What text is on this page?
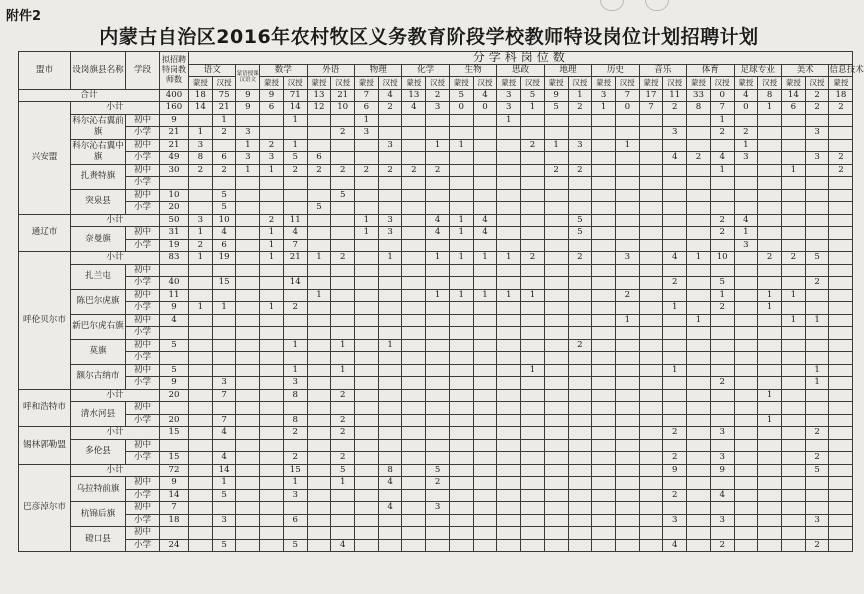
附件2
内蒙古自治区2016年农村牧区义务教育阶段学校教师特设岗位计划招聘计划
盟市	设岗旗县名称	学段	拟招聘特岗教师数	分学科岗位数																												
				语文		蒙语授课汉语文	数学		外语		物理		化学		生物		思政		地理		历史		音乐		体育		足球专业		美术		信息技术	
				蒙授	汉授		蒙授	汉授	蒙授	汉授	蒙授	汉授	蒙授	汉授	蒙授	汉授	蒙授	汉授	蒙授	汉授	蒙授	汉授	蒙授	汉授	蒙授	汉授	蒙授	汉授	蒙授	汉授	蒙授	
合计			400	18	75	9	9	71	13	21	7	4	13	2	5	4	3	5	9	1	3	7	17	11	33	0	4	8	14	2	18	
兴安盟	小计		160	14	21	9	6	14	12	10	6	2	4	3	0	0	3	1	5	2	1	0	7	2	8	7	0	1	6	2	2	
	科尔沁右翼前旗	初中	9		1			1			1						1									1						
		小学	21	1	2	3				2	3													3		2	2			3		
	科尔沁右翼中旗	初中	21	3		1	2	1				3		1	1			2	1	3		1					1					
		小学	49	8	6	3	3	5	6															4	2	4	3			3	2		
	扎赉特旗	初中	30	2	2	1	1	2	2	2	2	2	2	2					2	2						1			1		2	
		小学																														
	突泉县	初中	10		5					5																						
		小学	20		5				5																							
通辽市	小计		50	3	10		2	11			1	3		4	1	4				5						2	4					
	奈曼旗	初中	31	1	4		1	4			1	3		4	1	4				5						2	1					
		小学	19	2	6		1	7																			3					
呼伦贝尔市	小计		83	1	19		1	21	1	2		1		1	1	1	1	2		2		3		4	1	10		2	2	5		
	扎兰屯	初中																														
		小学	40		15			14																2		5				2		
	陈巴尔虎旗	初中	11						1					1	1	1	1	1				2				1		1	1			
		小学	9	1	1		1	2																1		2		1				
	新巴尔虎右旗	初中	4																			1			1				1	1		
		小学																														
	莫旗	初中	5					1		1		1								2												
		小学																														
	额尔古纳市	初中	5					1		1								1						1						1		
		小学	9		3			3																		2				1		
呼和浩特市	小计		20		7			8		2																		1				
	清水河县	初中																														
		小学	20		7			8		2																		1				
锡林郭勒盟	小计		15		4			2		2														2		3				2		
	多伦县	初中																														
		小学	15		4			2		2														2		3				2		
巴彦淖尔市	小计		72		14			15		5		8		5										9		9				5		
	乌拉特前旗	初中	9		1			1		1		4		2																		
		小学	14		5			3																2		4						
	杭锦后旗	初中	7									4		3																		
		小学	18		3			6																3		3				3		
	磴口县	初中																														
		小学	24		5			5		4														4		2				2		
